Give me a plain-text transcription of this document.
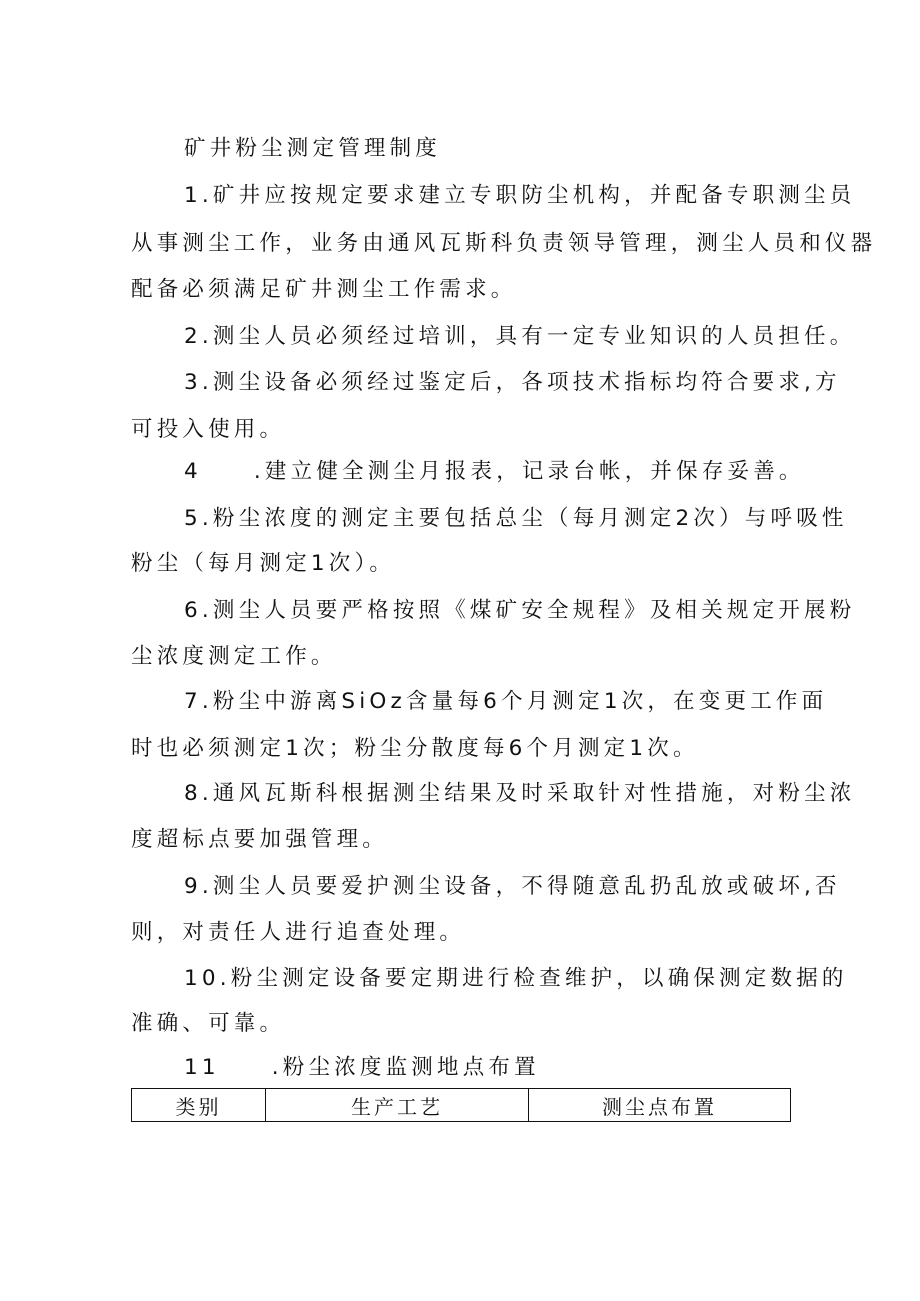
矿井粉尘测定管理制度
1.矿井应按规定要求建立专职防尘机构，并配备专职测尘员
从事测尘工作，业务由通风瓦斯科负责领导管理，测尘人员和仪器
配备必须满足矿井测尘工作需求。
2.测尘人员必须经过培训，具有一定专业知识的人员担任。
3.测尘设备必须经过鉴定后，各项技术指标均符合要求,方
可投入使用。
4 .建立健全测尘月报表，记录台帐，并保存妥善。
5.粉尘浓度的测定主要包括总尘（每月测定2次）与呼吸性
粉尘（每月测定1次）。
6.测尘人员要严格按照《煤矿安全规程》及相关规定开展粉
尘浓度测定工作。
7.粉尘中游离SiOz含量每6个月测定1次，在变更工作面
时也必须测定1次；粉尘分散度每6个月测定1次。
8.通风瓦斯科根据测尘结果及时采取针对性措施，对粉尘浓
度超标点要加强管理。
9.测尘人员要爱护测尘设备，不得随意乱扔乱放或破坏,否
则，对责任人进行追查处理。
10.粉尘测定设备要定期进行检查维护，以确保测定数据的
准确、可靠。
11 .粉尘浓度监测地点布置
类别	生产工艺	测尘点布置
